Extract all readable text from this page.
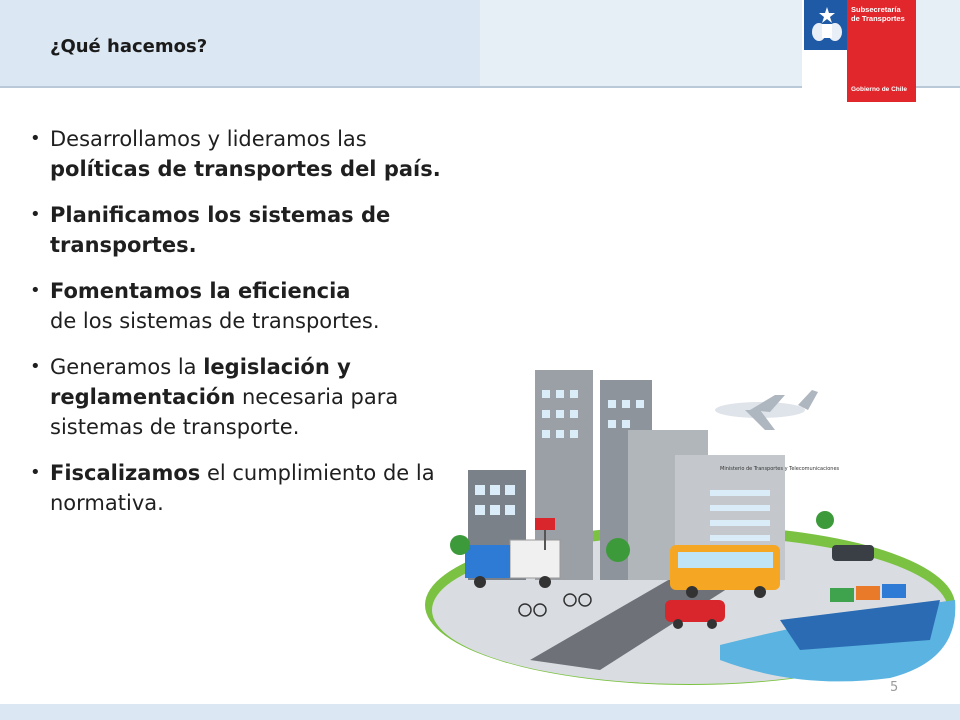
¿Qué hacemos?
Subsecretaría
de Transportes
Gobierno de Chile
• Desarrollamos y lideramos las
políticas de transportes del país.
• Planificamos los sistemas de transportes.
• Fomentamos la eficiencia
de los sistemas de transportes.
• Generamos la legislación y reglamentación necesaria para sistemas de transporte.
• Fiscalizamos el cumplimiento de la normativa.
Ministerio de Transportes y Telecomunicaciones
5
